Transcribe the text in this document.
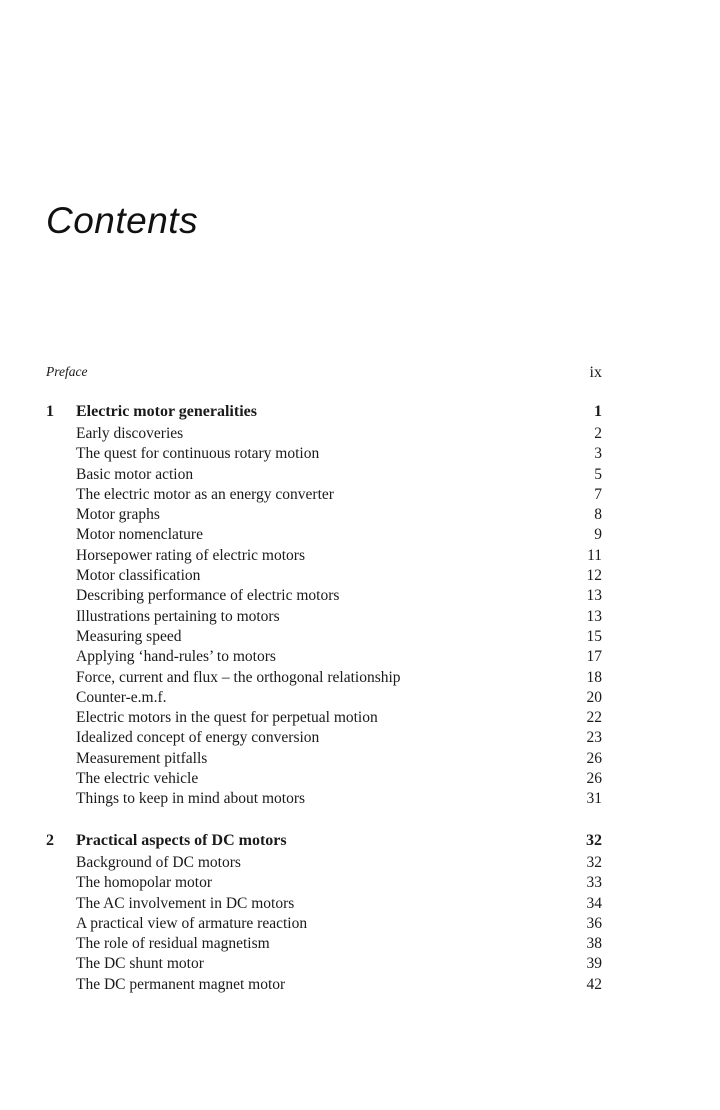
Contents
Preface	ix
1	Electric motor generalities	1
Early discoveries	2
The quest for continuous rotary motion	3
Basic motor action	5
The electric motor as an energy converter	7
Motor graphs	8
Motor nomenclature	9
Horsepower rating of electric motors	11
Motor classification	12
Describing performance of electric motors	13
Illustrations pertaining to motors	13
Measuring speed	15
Applying ‘hand-rules’ to motors	17
Force, current and flux – the orthogonal relationship	18
Counter-e.m.f.	20
Electric motors in the quest for perpetual motion	22
Idealized concept of energy conversion	23
Measurement pitfalls	26
The electric vehicle	26
Things to keep in mind about motors	31
2	Practical aspects of DC motors	32
Background of DC motors	32
The homopolar motor	33
The AC involvement in DC motors	34
A practical view of armature reaction	36
The role of residual magnetism	38
The DC shunt motor	39
The DC permanent magnet motor	42
